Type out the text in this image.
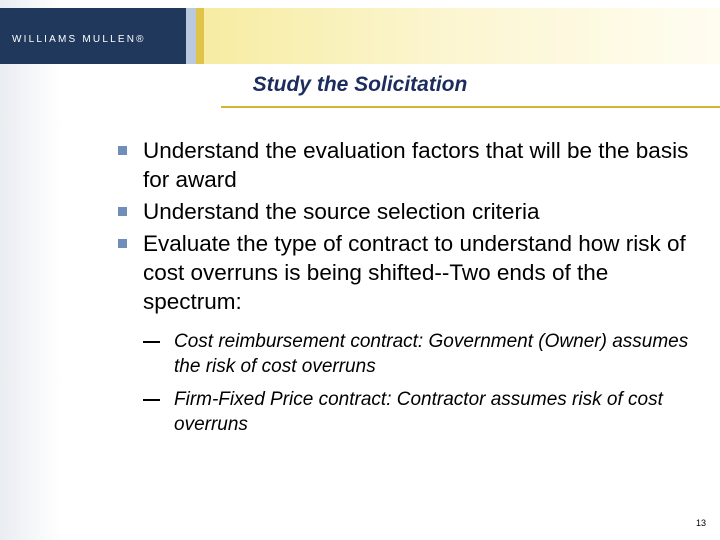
WILLIAMS MULLEN®
Study the Solicitation
Understand the evaluation factors that will be the basis for award
Understand the source selection criteria
Evaluate the type of contract to understand how risk of cost overruns is being shifted--Two ends of the spectrum:
Cost reimbursement contract: Government (Owner) assumes the risk of cost overruns
Firm-Fixed Price contract: Contractor assumes risk of cost overruns
13
